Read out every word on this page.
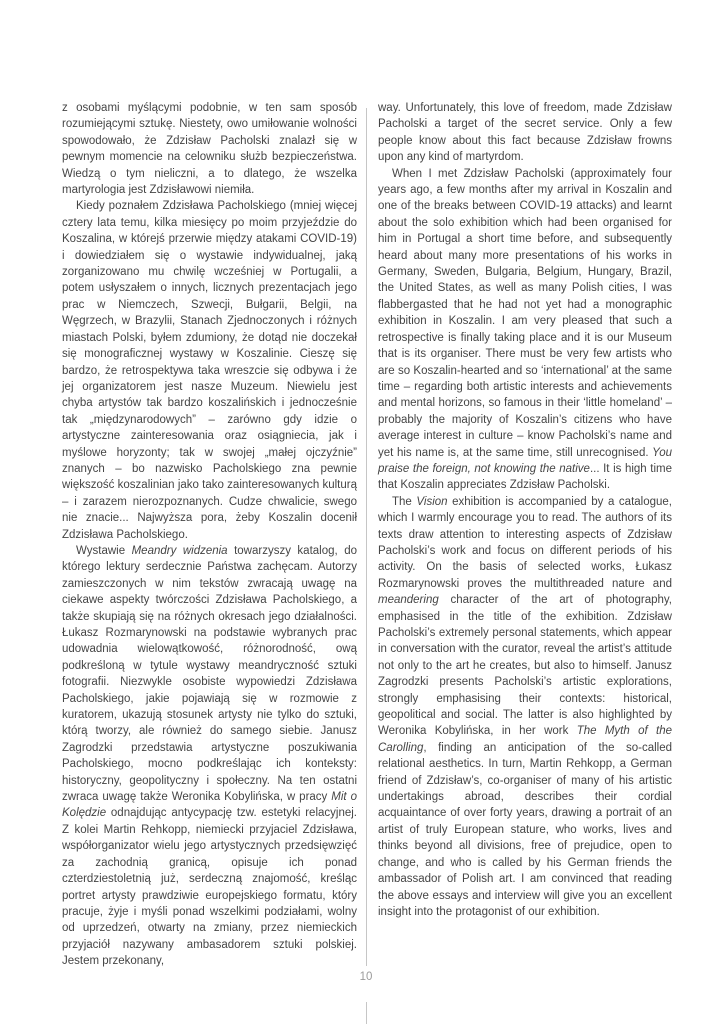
z osobami myślącymi podobnie, w ten sam sposób rozumiejącymi sztukę. Niestety, owo umiłowanie wolności spowodowało, że Zdzisław Pacholski znalazł się w pewnym momencie na celowniku służb bezpieczeństwa. Wiedzą o tym nieliczni, a to dlatego, że wszelka martyrologia jest Zdzisławowi niemiła.

Kiedy poznałem Zdzisława Pacholskiego (mniej więcej cztery lata temu, kilka miesięcy po moim przyjeździe do Koszalina, w którejś przerwie między atakami COVID-19) i dowiedziałem się o wystawie indywidualnej, jaką zorganizowano mu chwilę wcześniej w Portugalii, a potem usłyszałem o innych, licznych prezentacjach jego prac w Niemczech, Szwecji, Bułgarii, Belgii, na Węgrzech, w Brazylii, Stanach Zjednoczonych i różnych miastach Polski, byłem zdumiony, że dotąd nie doczekał się monograficznej wystawy w Koszalinie. Cieszę się bardzo, że retrospektywa taka wreszcie się odbywa i że jej organizatorem jest nasze Muzeum. Niewielu jest chyba artystów tak bardzo koszalińskich i jednocześnie tak „międzynarodowych” – zarówno gdy idzie o artystyczne zainteresowania oraz osiągniecia, jak i myślowe horyzonty; tak w swojej „małej ojczyźnie” znanych – bo nazwisko Pacholskiego zna pewnie większość koszalinian jako tako zainteresowanych kulturą – i zarazem nierozpoznanych. Cudze chwalicie, swego nie znacie... Najwyższa pora, żeby Koszalin docenił Zdzisława Pacholskiego.

Wystawie Meandry widzenia towarzyszy katalog, do którego lektury serdecznie Państwa zachęcam. Autorzy zamieszczonych w nim tekstów zwracają uwagę na ciekawe aspekty twórczości Zdzisława Pacholskiego, a także skupiają się na różnych okresach jego działalności. Łukasz Rozmarynowski na podstawie wybranych prac udowadnia wielowątkowość, różnorodność, ową podkreśloną w tytule wystawy meandryczność sztuki fotografii. Niezwykle osobiste wypowiedzi Zdzisława Pacholskiego, jakie pojawiają się w rozmowie z kuratorem, ukazują stosunek artysty nie tylko do sztuki, którą tworzy, ale również do samego siebie. Janusz Zagrodzki przedstawia artystyczne poszukiwania Pacholskiego, mocno podkreślając ich konteksty: historyczny, geopolityczny i społeczny. Na ten ostatni zwraca uwagę także Weronika Kobylińska, w pracy Mit o Kolędzie odnajdując antycypację tzw. estetyki relacyjnej. Z kolei Martin Rehkopp, niemiecki przyjaciel Zdzisława, współorganizator wielu jego artystycznych przedsięwzięć za zachodnią granicą, opisuje ich ponad czterdziestoletnią już, serdeczną znajomość, kreśląc portret artysty prawdziwie europejskiego formatu, który pracuje, żyje i myśli ponad wszelkimi podziałami, wolny od uprzedzeń, otwarty na zmiany, przez niemieckich przyjaciół nazywany ambasadorem sztuki polskiej. Jestem przekonany,

way. Unfortunately, this love of freedom, made Zdzisław Pacholski a target of the secret service. Only a few people know about this fact because Zdzisław frowns upon any kind of martyrdom.

When I met Zdzisław Pacholski (approximately four years ago, a few months after my arrival in Koszalin and one of the breaks between COVID-19 attacks) and learnt about the solo exhibition which had been organised for him in Portugal a short time before, and subsequently heard about many more presentations of his works in Germany, Sweden, Bulgaria, Belgium, Hungary, Brazil, the United States, as well as many Polish cities, I was flabbergasted that he had not yet had a monographic exhibition in Koszalin. I am very pleased that such a retrospective is finally taking place and it is our Museum that is its organiser. There must be very few artists who are so Koszalin-hearted and so ‘international’ at the same time – regarding both artistic interests and achievements and mental horizons, so famous in their ‘little homeland’ – probably the majority of Koszalin’s citizens who have average interest in culture – know Pacholski’s name and yet his name is, at the same time, still unrecognised. You praise the foreign, not knowing the native... It is high time that Koszalin appreciates Zdzisław Pacholski.

The Vision exhibition is accompanied by a catalogue, which I warmly encourage you to read. The authors of its texts draw attention to interesting aspects of Zdzisław Pacholski’s work and focus on different periods of his activity. On the basis of selected works, Łukasz Rozmarynowski proves the multithreaded nature and meandering character of the art of photography, emphasised in the title of the exhibition. Zdzisław Pacholski’s extremely personal statements, which appear in conversation with the curator, reveal the artist’s attitude not only to the art he creates, but also to himself. Janusz Zagrodzki presents Pacholski’s artistic explorations, strongly emphasising their contexts: historical, geopolitical and social. The latter is also highlighted by Weronika Kobylińska, in her work The Myth of the Carolling, finding an anticipation of the so-called relational aesthetics. In turn, Martin Rehkopp, a German friend of Zdzisław’s, co-organiser of many of his artistic undertakings abroad, describes their cordial acquaintance of over forty years, drawing a portrait of an artist of truly European stature, who works, lives and thinks beyond all divisions, free of prejudice, open to change, and who is called by his German friends the ambassador of Polish art. I am convinced that reading the above essays and interview will give you an excellent insight into the protagonist of our exhibition.

10
